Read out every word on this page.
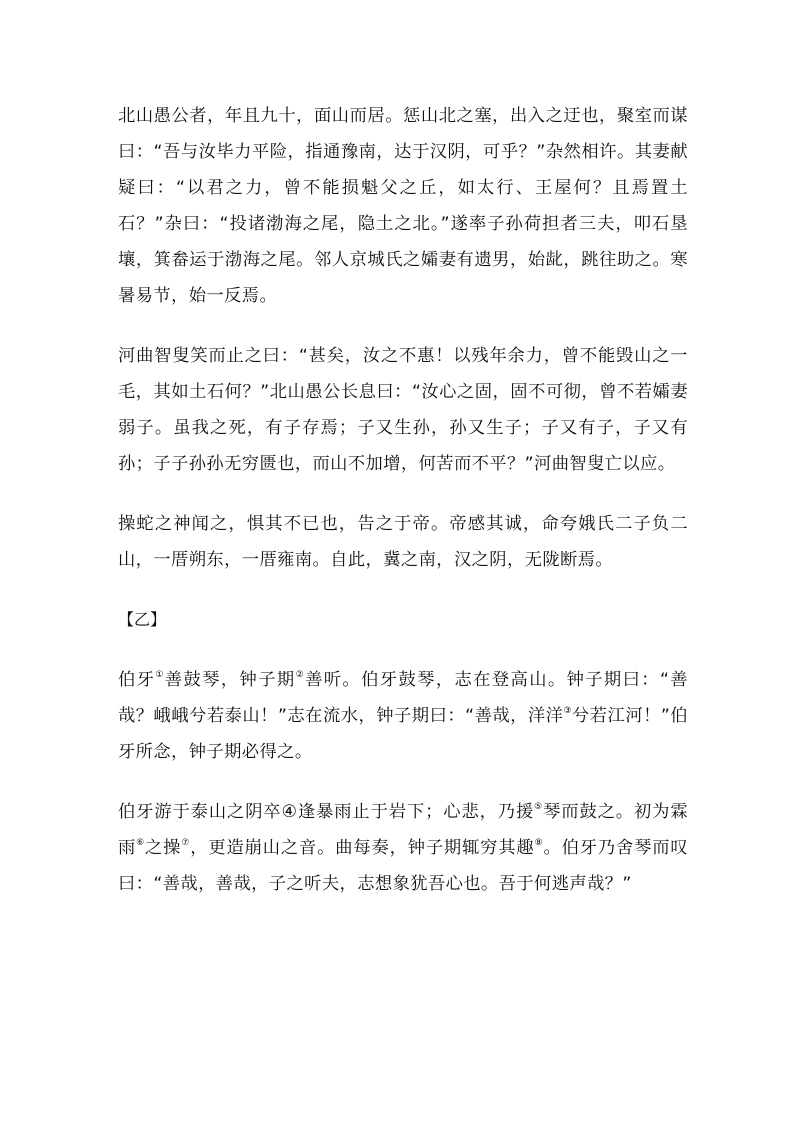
北山愚公者，年且九十，面山而居。惩山北之塞，出入之迂也，聚室而谋曰：“吾与汝毕力平险，指通豫南，达于汉阴，可乎？”杂然相许。其妻献疑曰：“以君之力，曾不能损魁父之丘，如太行、王屋何？且焉置土石？”杂曰：“投诸渤海之尾，隐土之北。”遂率子孙荷担者三夫，叩石垦壤，箕畚运于渤海之尾。邻人京城氏之孀妻有遗男，始龀，跳往助之。寒暑易节，始一反焉。

河曲智叟笑而止之曰：“甚矣，汝之不惠！以残年余力，曾不能毁山之一毛，其如土石何？”北山愚公长息曰：“汝心之固，固不可彻，曾不若孀妻弱子。虽我之死，有子存焉；子又生孙，孙又生子；子又有子，子又有孙；子子孙孙无穷匮也，而山不加增，何苦而不平？”河曲智叟亡以应。

操蛇之神闻之，惧其不已也，告之于帝。帝感其诚，命夸娥氏二子负二山，一厝朔东，一厝雍南。自此，冀之南，汉之阴，无陇断焉。

【乙】

伯牙①善鼓琴，钟子期②善听。伯牙鼓琴，志在登高山。钟子期曰：“善哉？峨峨兮若泰山！”志在流水，钟子期曰：“善哉，洋洋③兮若江河！”伯牙所念，钟子期必得之。

伯牙游于泰山之阴卒④逢暴雨止于岩下；心悲，乃援⑤琴而鼓之。初为霖雨⑥之操⑦，更造崩山之音。曲每奏，钟子期辄穷其趣⑧。伯牙乃舍琴而叹曰：“善哉，善哉，子之听夫，志想象犹吾心也。吾于何逃声哉？”
